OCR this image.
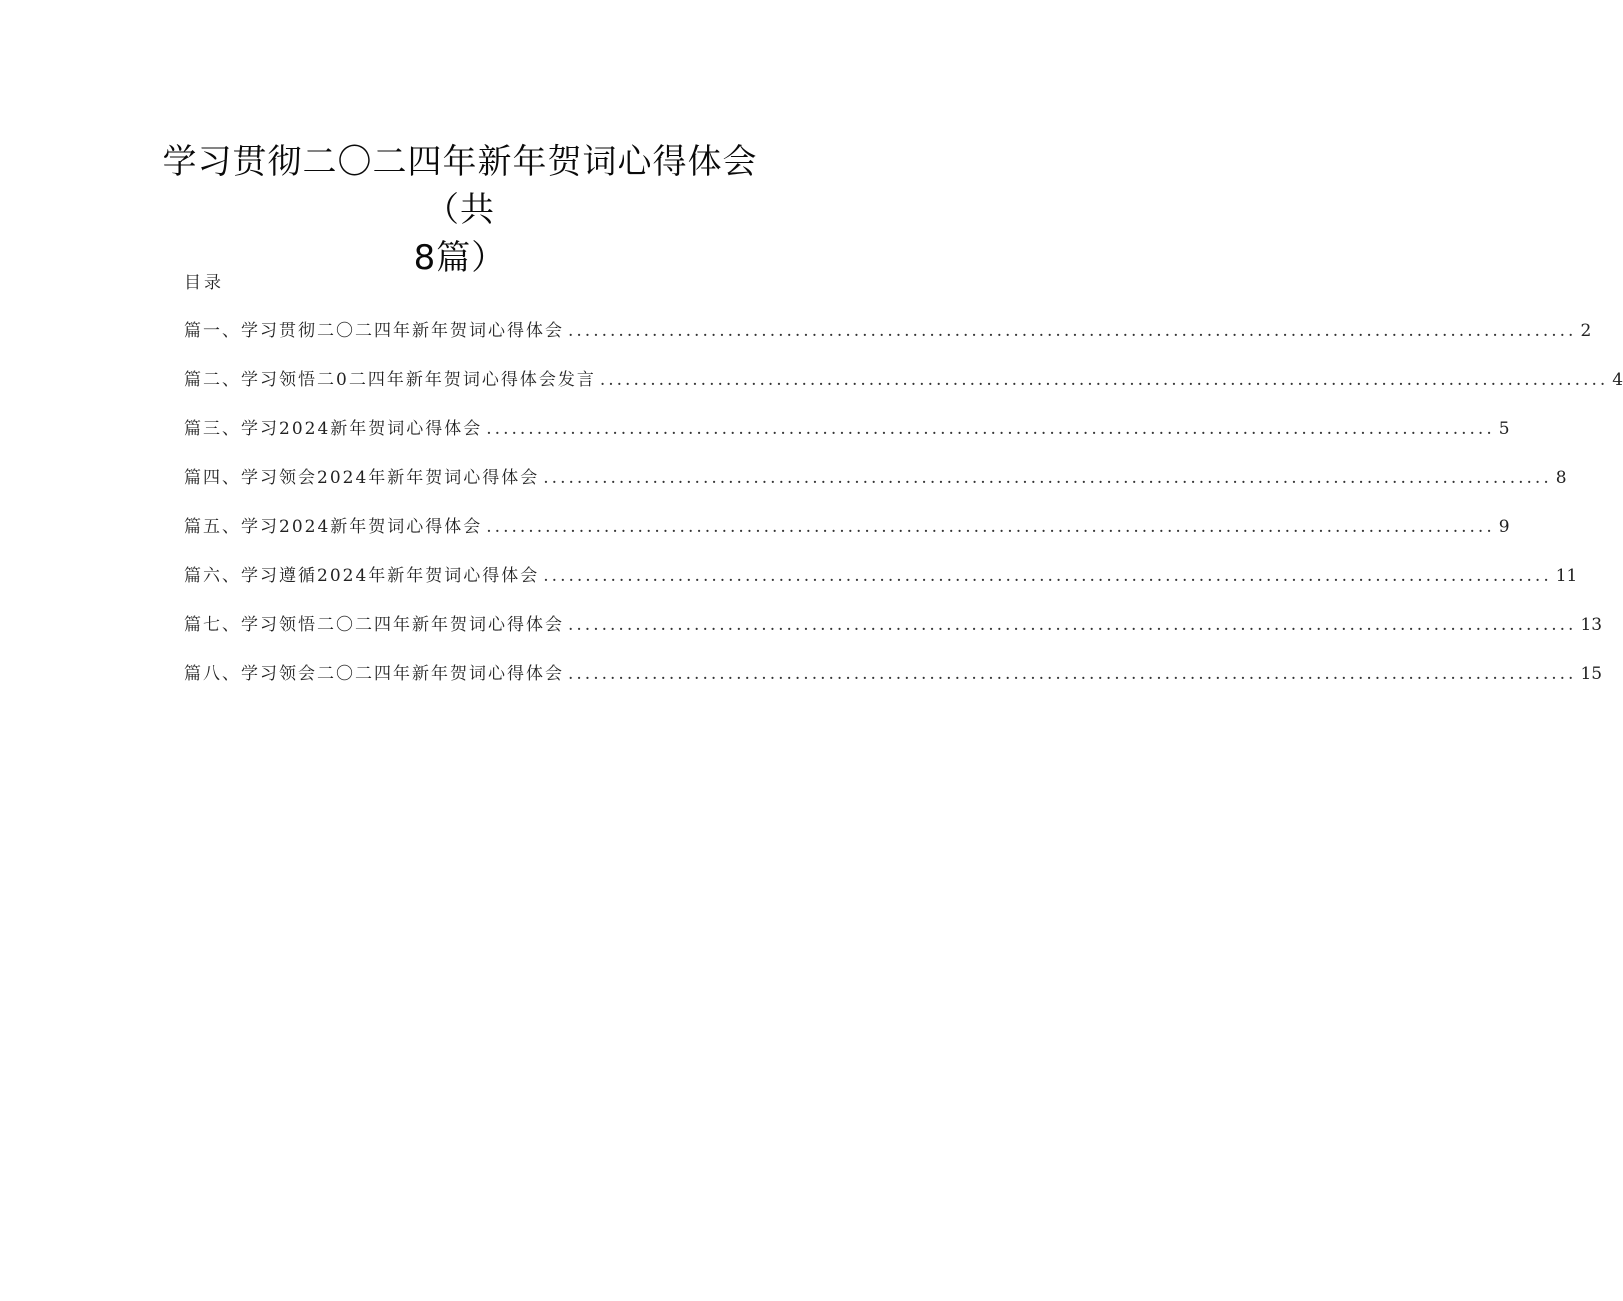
学习贯彻二〇二四年新年贺词心得体会（共
8篇）
目录
篇一、学习贯彻二〇二四年新年贺词心得体会 ........................................................................................................................ 2
篇二、学习领悟二0二四年新年贺词心得体会发言 ........................................................................................................................ 4
篇三、学习2024新年贺词心得体会 ........................................................................................................................ 5
篇四、学习领会2024年新年贺词心得体会 ........................................................................................................................ 8
篇五、学习2024新年贺词心得体会 ........................................................................................................................ 9
篇六、学习遵循2024年新年贺词心得体会 ........................................................................................................................ 11
篇七、学习领悟二〇二四年新年贺词心得体会 ........................................................................................................................ 13
篇八、学习领会二〇二四年新年贺词心得体会 ........................................................................................................................ 15
